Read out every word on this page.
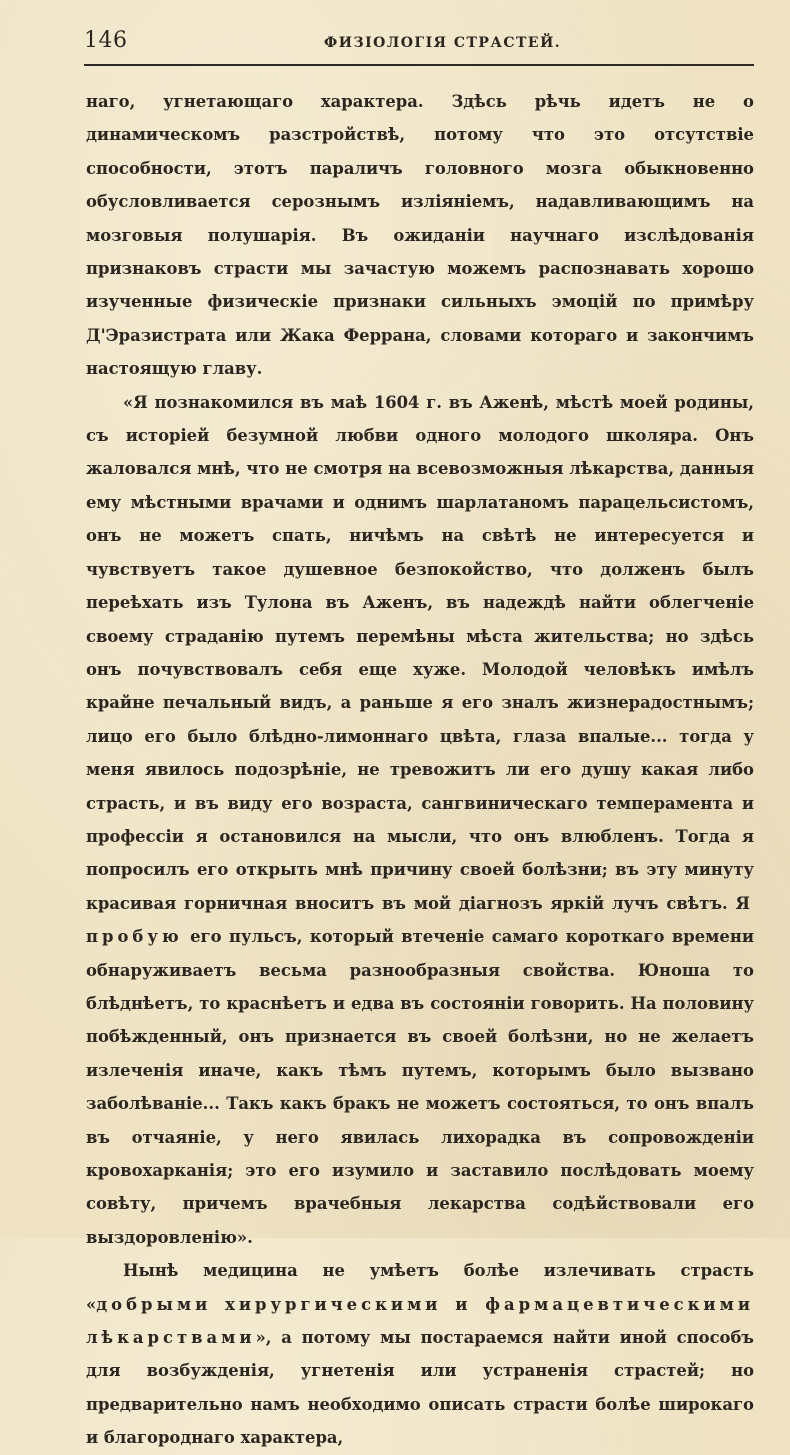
146	ФИЗІОЛОГІЯ СТРАСТЕЙ.

наго, угнетающаго характера. Здѣсь рѣчь идетъ не о динамическомъ разстройствѣ, потому что это отсутствіе способности, этотъ параличъ головного мозга обыкновенно обусловливается серознымъ изліяніемъ, надавливающимъ на мозговыя полушарія. Въ ожиданіи научнаго изслѣдованія признаковъ страсти мы зачастую можемъ распознавать хорошо изученные физическіе признаки сильныхъ эмоцій по примѣру Д'Эразистрата или Жака Феррана, словами котораго и закончимъ настоящую главу.

«Я познакомился въ маѣ 1604 г. въ Аженѣ, мѣстѣ моей родины, съ исторіей безумной любви одного молодого школяра. Онъ жаловался мнѣ, что не смотря на всевозможныя лѣкарства, данныя ему мѣстными врачами и однимъ шарлатаномъ парацельсистомъ, онъ не можетъ спать, ничѣмъ на свѣтѣ не интересуется и чувствуетъ такое душевное безпокойство, что долженъ былъ переѣхать изъ Тулона въ Аженъ, въ надеждѣ найти облегченіе своему страданію путемъ перемѣны мѣста жительства; но здѣсь онъ почувствовалъ себя еще хуже. Молодой человѣкъ имѣлъ крайне печальный видъ, а раньше я его зналъ жизнерадостнымъ; лицо его было блѣдно-лимоннаго цвѣта, глаза впалые... тогда у меня явилось подозрѣніе, не тревожитъ ли его душу какая либо страсть, и въ виду его возраста, сангвиническаго темперамента и профессіи я остановился на мысли, что онъ влюбленъ. Тогда я попросилъ его открыть мнѣ причину своей болѣзни; въ эту минуту красивая горничная вноситъ въ мой діагнозъ яркій лучъ свѣтъ. Я пробую его пульсъ, который втеченіе самаго короткаго времени обнаруживаетъ весьма разнообразныя свойства. Юноша то блѣднѣетъ, то краснѣетъ и едва въ состояніи говорить. На половину побѣжденный, онъ признается въ своей болѣзни, но не желаетъ излеченія иначе, какъ тѣмъ путемъ, которымъ было вызвано заболѣваніе... Такъ какъ бракъ не можетъ состояться, то онъ впалъ въ отчаяніе, у него явилась лихорадка въ сопровожденіи кровохарканія; это его изумило и заставило послѣдовать моему совѣту, причемъ врачебныя лекарства содѣйствовали его выздоровленію».

Нынѣ медицина не умѣетъ болѣе излечивать страсть «добрыми хирургическими и фармацевтическими лѣкарствами», а потому мы постараемся найти иной способъ для возбужденія, угнетенія или устраненія страстей; но предварительно намъ необходимо описать страсти болѣе широкаго и благороднаго характера,
